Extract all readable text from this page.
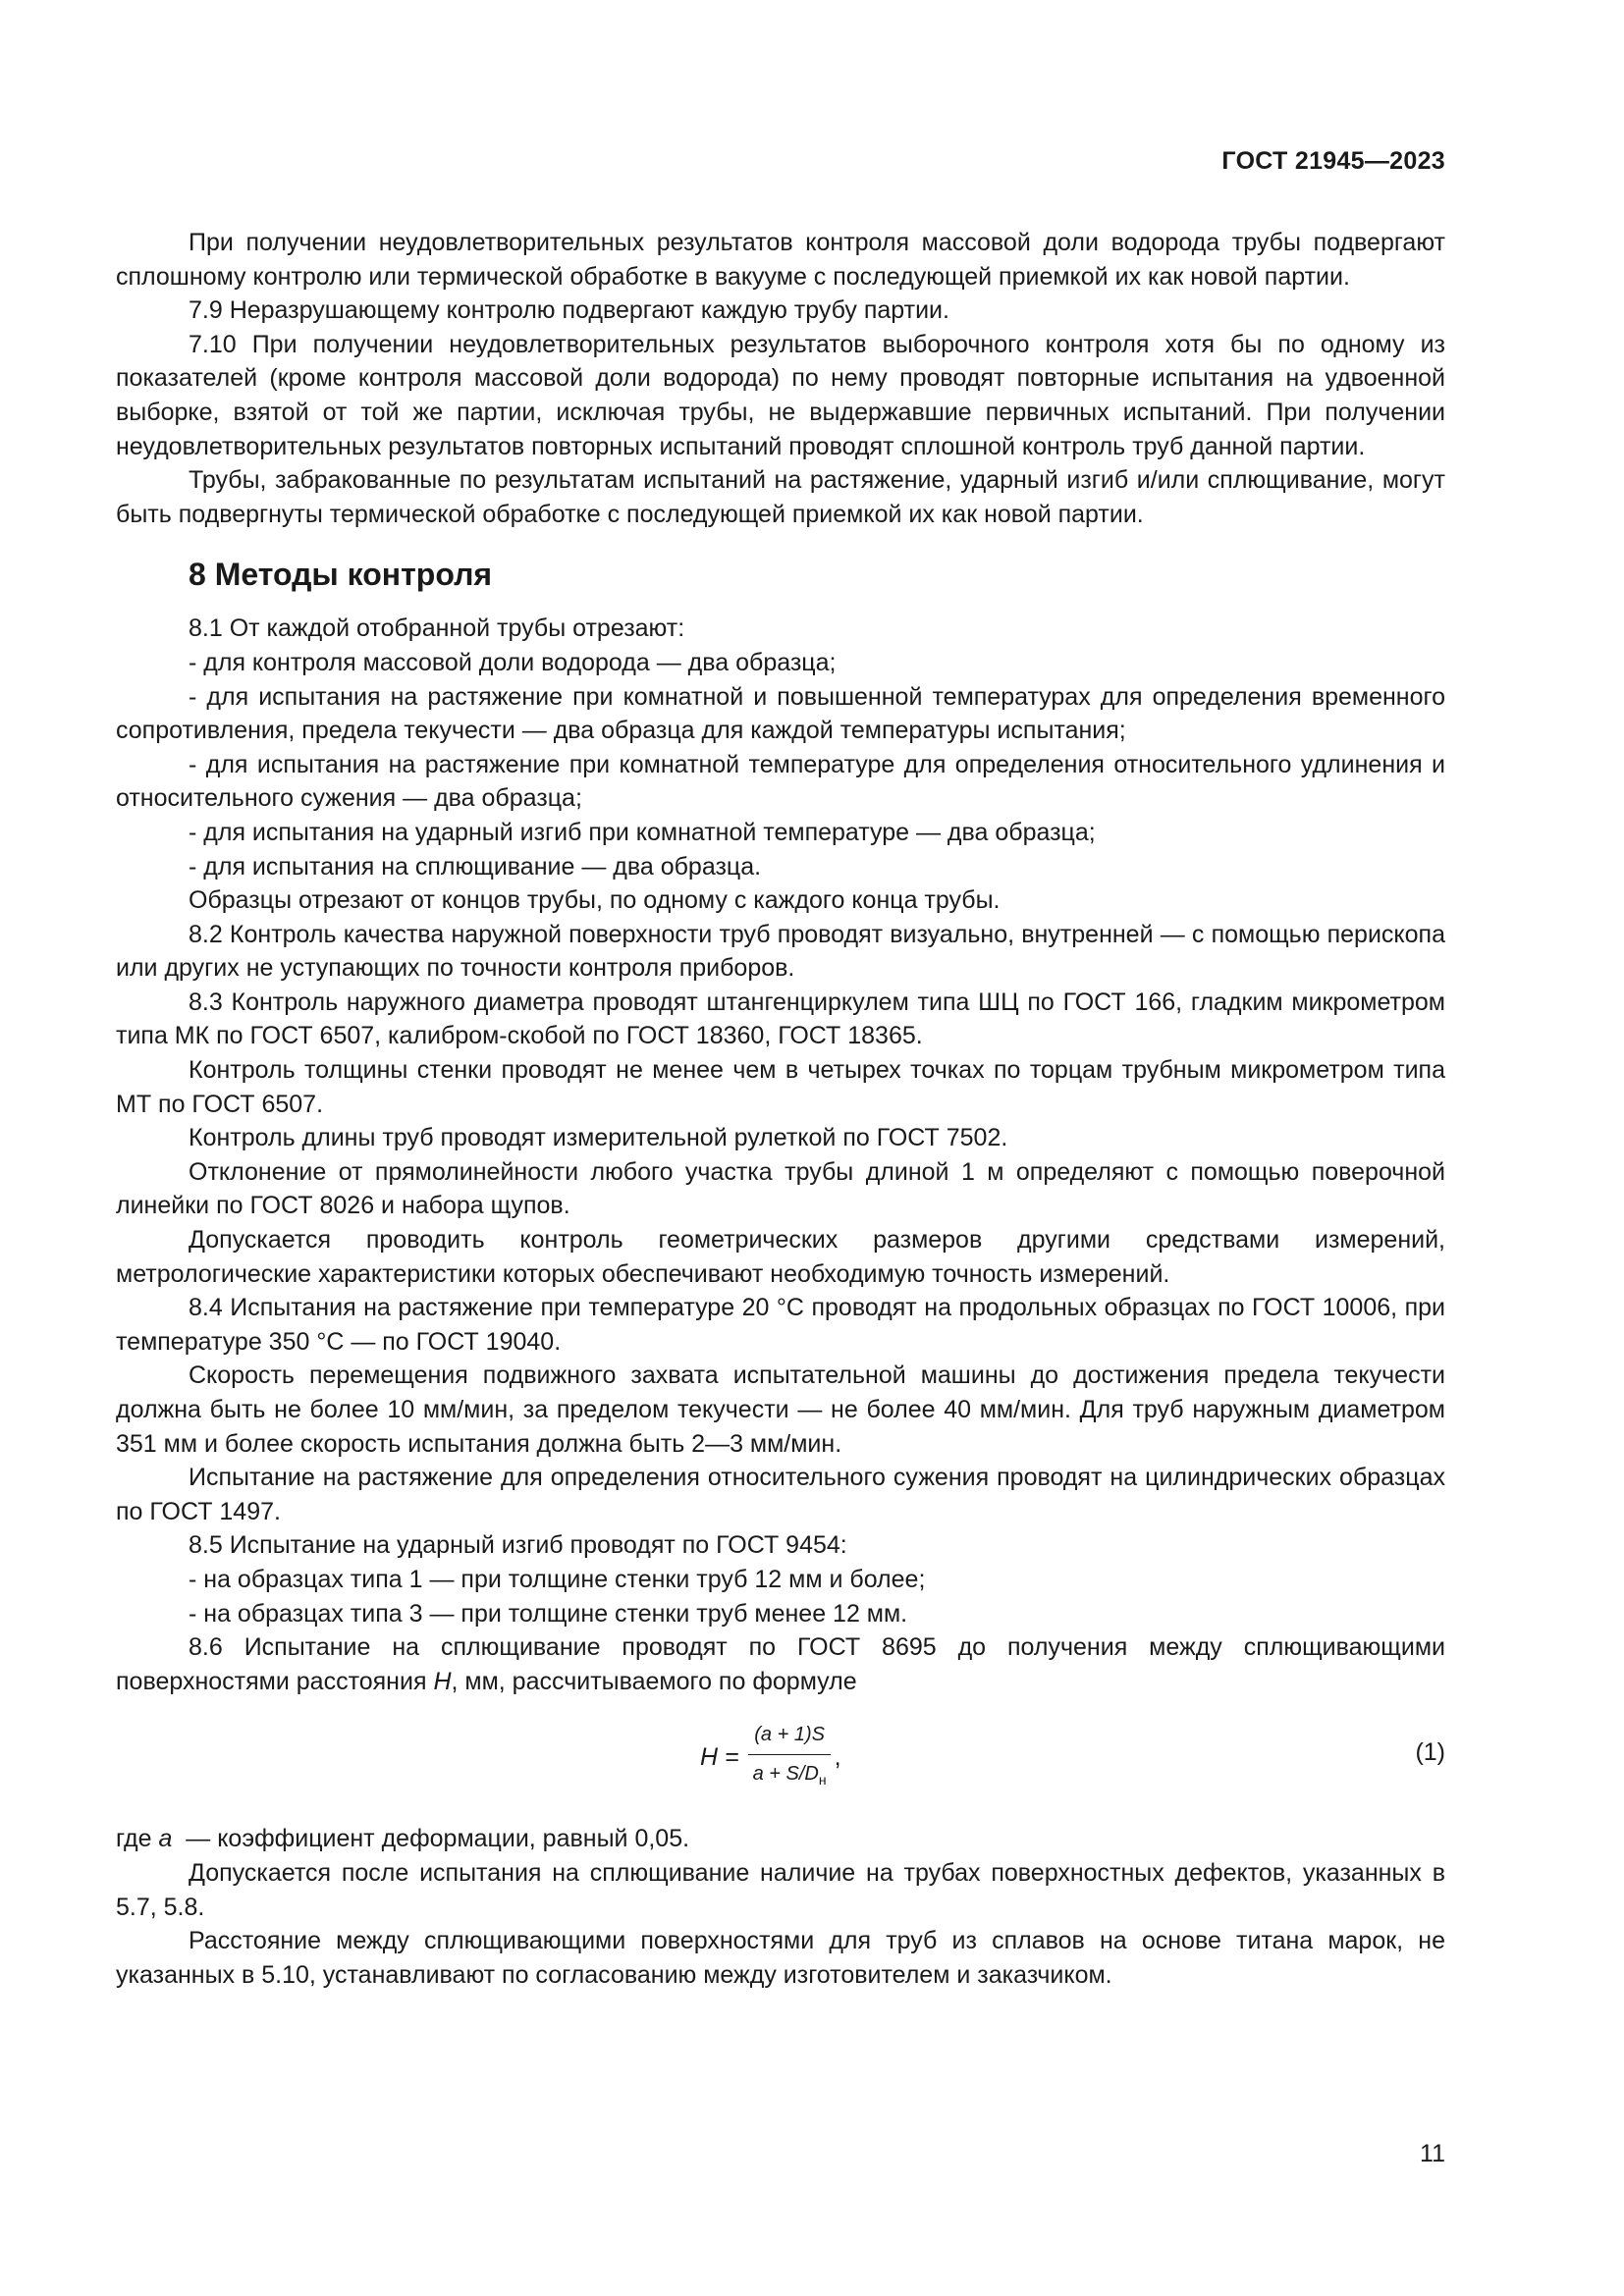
ГОСТ 21945—2023

При получении неудовлетворительных результатов контроля массовой доли водорода трубы подвергают сплошному контролю или термической обработке в вакууме с последующей приемкой их как новой партии.

7.9 Неразрушающему контролю подвергают каждую трубу партии.

7.10 При получении неудовлетворительных результатов выборочного контроля хотя бы по одному из показателей (кроме контроля массовой доли водорода) по нему проводят повторные испытания на удвоенной выборке, взятой от той же партии, исключая трубы, не выдержавшие первичных испытаний. При получении неудовлетворительных результатов повторных испытаний проводят сплошной контроль труб данной партии.

Трубы, забракованные по результатам испытаний на растяжение, ударный изгиб и/или сплющивание, могут быть подвергнуты термической обработке с последующей приемкой их как новой партии.

8 Методы контроля

8.1 От каждой отобранной трубы отрезают:

- для контроля массовой доли водорода — два образца;

- для испытания на растяжение при комнатной и повышенной температурах для определения временного сопротивления, предела текучести — два образца для каждой температуры испытания;

- для испытания на растяжение при комнатной температуре для определения относительного удлинения и относительного сужения — два образца;

- для испытания на ударный изгиб при комнатной температуре — два образца;

- для испытания на сплющивание — два образца.

Образцы отрезают от концов трубы, по одному с каждого конца трубы.

8.2 Контроль качества наружной поверхности труб проводят визуально, внутренней — с помощью перископа или других не уступающих по точности контроля приборов.

8.3 Контроль наружного диаметра проводят штангенциркулем типа ШЦ по ГОСТ 166, гладким микрометром типа МК по ГОСТ 6507, калибром-скобой по ГОСТ 18360, ГОСТ 18365.

Контроль толщины стенки проводят не менее чем в четырех точках по торцам трубным микрометром типа МТ по ГОСТ 6507.

Контроль длины труб проводят измерительной рулеткой по ГОСТ 7502.

Отклонение от прямолинейности любого участка трубы длиной 1 м определяют с помощью поверочной линейки по ГОСТ 8026 и набора щупов.

Допускается проводить контроль геометрических размеров другими средствами измерений, метрологические характеристики которых обеспечивают необходимую точность измерений.

8.4 Испытания на растяжение при температуре 20 °С проводят на продольных образцах по ГОСТ 10006, при температуре 350 °С — по ГОСТ 19040.

Скорость перемещения подвижного захвата испытательной машины до достижения предела текучести должна быть не более 10 мм/мин, за пределом текучести — не более 40 мм/мин. Для труб наружным диаметром 351 мм и более скорость испытания должна быть 2—3 мм/мин.

Испытание на растяжение для определения относительного сужения проводят на цилиндрических образцах по ГОСТ 1497.

8.5 Испытание на ударный изгиб проводят по ГОСТ 9454:

- на образцах типа 1 — при толщине стенки труб 12 мм и более;

- на образцах типа 3 — при толщине стенки труб менее 12 мм.

8.6 Испытание на сплющивание проводят по ГОСТ 8695 до получения между сплющивающими поверхностями расстояния H, мм, рассчитываемого по формуле

$H = \frac{(a + 1)S}{a + S/D_н}$ ,	(1)

где a — коэффициент деформации, равный 0,05.

Допускается после испытания на сплющивание наличие на трубах поверхностных дефектов, указанных в 5.7, 5.8.

Расстояние между сплющивающими поверхностями для труб из сплавов на основе титана марок, не указанных в 5.10, устанавливают по согласованию между изготовителем и заказчиком.

11
